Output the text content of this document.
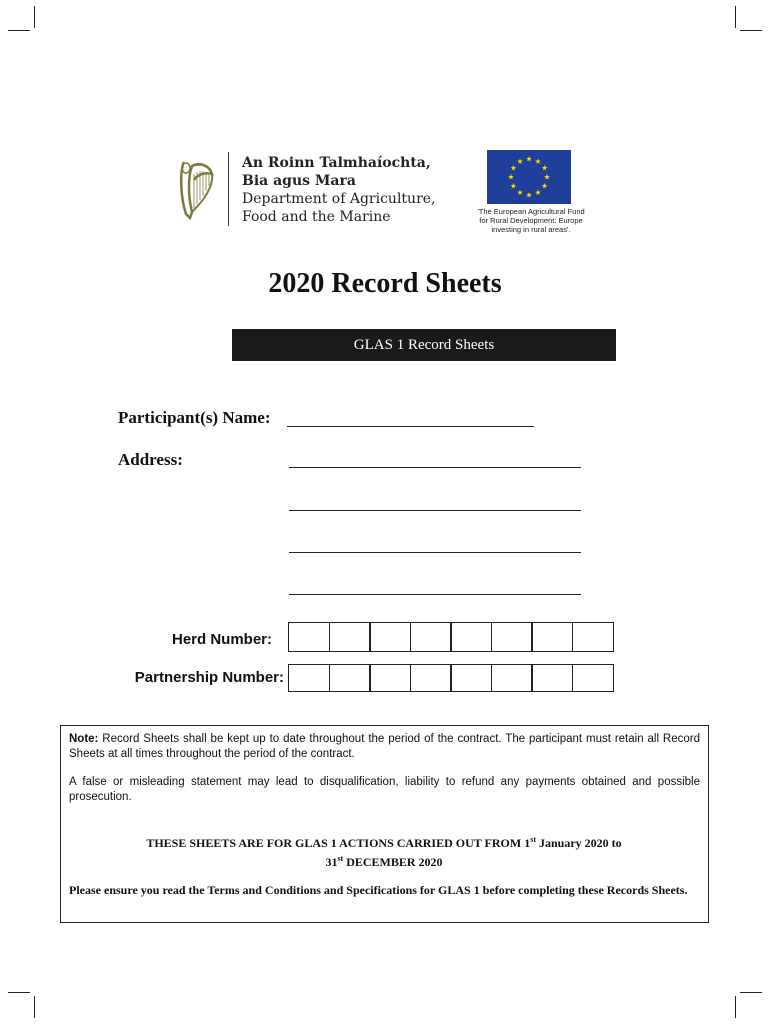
An Roinn Talmhaíochta,
Bia agus Mara
Department of Agriculture,
Food and the Marine	'The European Agricultural Fund
for Rural Development: Europe
investing in rural areas'.
2020 Record Sheets
GLAS 1 Record Sheets
Participant(s) Name:
Address:
Herd Number:
Partnership Number:
Note: Record Sheets shall be kept up to date throughout the period of the contract. The participant must retain all Record Sheets at all times throughout the period of the contract.
A false or misleading statement may lead to disqualification, liability to refund any payments obtained and possible prosecution.
THESE SHEETS ARE FOR GLAS 1 ACTIONS CARRIED OUT FROM 1st January 2020 to
31st DECEMBER 2020
Please ensure you read the Terms and Conditions and Specifications for GLAS 1 before completing these Records Sheets.
